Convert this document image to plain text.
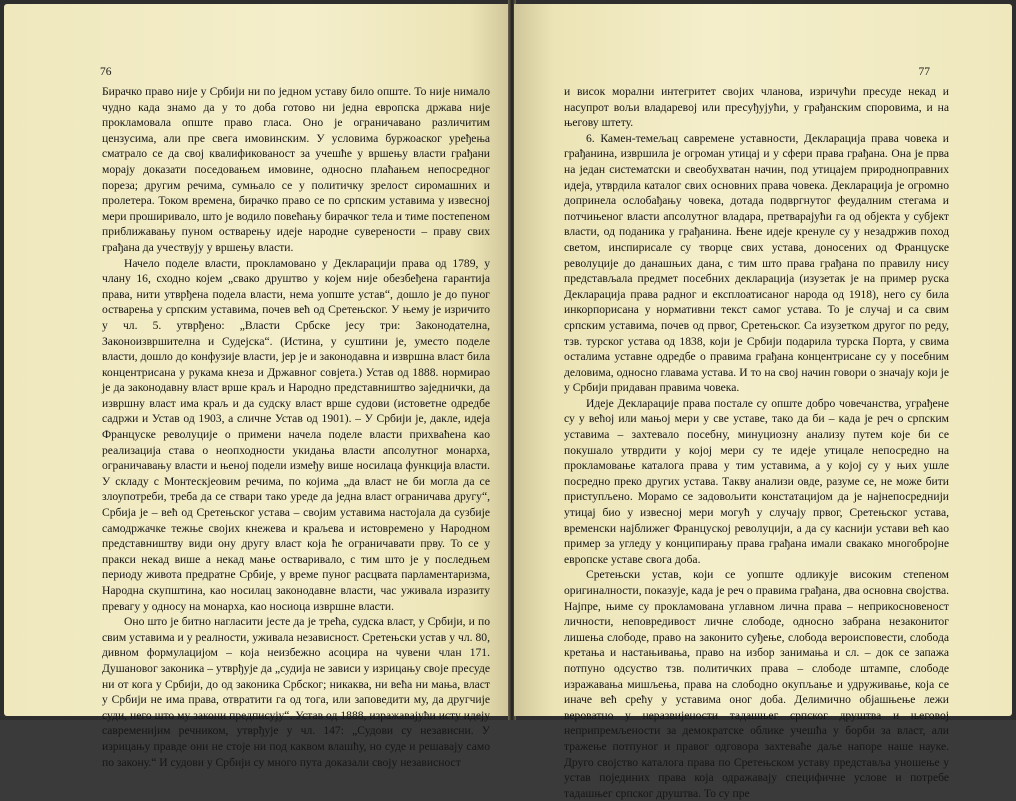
76

Бирачко право није у Србији ни по једном уставу било опште. То није нимало чудно када знамо да у то доба готово ни једна европска држава није прокламовала опште право гласа. Оно је ограничавано различитим цензусима, али пре свега имовинским. У условима буржоаског уређења сматрало се да свој квалификованост за учешће у вршењу власти грађани морају доказати поседовањем имовине, односно плаћањем непосредног пореза; другим речима, сумњало се у политичку зрелост сиромашних и пролетера. Током времена, бирачко право се по српским уставима у извесној мери проширивало, што је водило повећању бирачког тела и тиме постепеном приближавању пуном остварењу идеје народне суверености – праву свих грађана да учествују у вршењу власти.

Начело поделе власти, прокламовано у Декларацији права од 1789, у члану 16, сходно којем „свако друштво у којем није обезбеђена гарантија права, нити утврђена подела власти, нема уопште устав“, дошло је до пуног остварења у српским уставима, почев већ од Сретењског. У њему је изричито у чл. 5. утврђено: „Власти Србске јесу три: Законодателна, Законоизвршителна и Судејска“. (Истина, у суштини је, уместо поделе власти, дошло до конфузије власти, јер је и законодавна и извршна власт била концентрисана у рукама кнеза и Државног совјета.) Устав од 1888. нормирао је да законодавну власт врше краљ и Народно представништво заједнички, да извршну власт има краљ и да судску власт врше судови (истоветне одредбе садржи и Устав од 1903, а сличне Устав од 1901). – У Србији је, дакле, идеја Француске револуције о примени начела поделе власти прихваћена као реализација става о неопходности укидања власти апсолутног монарха, ограничавању власти и њеној подели између више носилаца функција власти. У складу с Монтескјеовим речима, по којима „да власт не би могла да се злоупотреби, треба да се ствари тако уреде да једна власт ограничава другу“, Србија је – већ од Сретењског устава – својим уставима настојала да сузбије самодржачке тежње својих кнежева и краљева и истовремено у Народном представништву види ону другу власт која ће ограничавати прву. То се у пракси некад више а некад мање остваривало, с тим што је у последњем периоду живота предратне Србије, у време пуног расцвата парламентаризма, Народна скупштина, као носилац законодавне власти, час уживала изразиту превагу у односу на монарха, као носиоца извршне власти.

Оно што је битно нагласити јесте да је трећа, судска власт, у Србији, и по свим уставима и у реалности, уживала независност. Сретењски устав у чл. 80, дивном формулацијом – која неизбежно асоцира на чувени члан 171. Душановог законика – утврђује да „судија не зависи у изрицању своје пресуде ни от кога у Србији, до од законика Србског; никаква, ни већа ни мања, власт у Србији не има права, отвратити га од тога, или заповедити му, да другчије суди, него што му закони предписују“. Устав од 1888, изражавајући исту идеју савременијим речником, утврђује у чл. 147: „Судови су независни. У изрицању правде они не стоје ни под каквом влашћу, но суде и решавају само по закону.“ И судови у Србији су много пута доказали своју независност

77

и висок морални интегритет својих чланова, изричући пресуде некад и насупрот вољи владаревој или пресуђујући, у грађанским споровима, и на његову штету.

6. Камен-темељац савремене уставности, Декларација права човека и грађанина, извршила је огроман утицај и у сфери права грађана. Она је прва на један систематски и свеобухватан начин, под утицајем природноправних идеја, утврдила каталог свих основних права човека. Декларација је огромно допринела ослобађању човека, дотада подвргнутог феудалним стегама и потчињеног власти апсолутног владара, претварајући га од објекта у субјект власти, од поданика у грађанина. Њене идеје кренуле су у незадржив поход светом, инспирисале су творце свих устава, доносених од Француске револуције до данашњих дана, с тим што права грађана по правилу нису представљала предмет посебних декларација (изузетак је на пример руска Декларација права радног и експлоатисаног народа од 1918), него су била инкорпорисана у нормативни текст самог устава. То је случај и са свим српским уставима, почев од првог, Сретењског. Са изузетком другог по реду, тзв. турског устава од 1838, који је Србији подарила турска Порта, у свима осталима уставне одредбе о правима грађана концентрисане су у посебним деловима, односно главама устава. И то на свој начин говори о значају који је у Србији придаван правима човека.

Идеје Декларације права постале су опште добро човечанства, уграђене су у већој или мањој мери у све уставе, тако да би – када је реч о српским уставима – захтевало посебну, минуциозну анализу путем које би се покушало утврдити у којој мери су те идеје утицале непосредно на прокламовање каталога права у тим уставима, а у којој су у њих ушле посредно преко других устава. Такву анализи овде, разуме се, не може бити приступљено. Морамо се задовољити констатацијом да је најнепосреднији утицај био у извесној мери могућ у случају првог, Сретењског устава, временски најближег Француској револуцији, а да су каснији устави већ као пример за угледу у конципирању права грађана имали свакако многобројне европске уставе свога доба.

Сретењски устав, који се уопште одликује високим степеном оригиналности, показује, када је реч о правима грађана, два основна својства. Најпре, њиме су прокламована углавном лична права – неприкосновеност личности, неповредивост личне слободе, односно забрана незаконитог лишења слободе, право на законито суђење, слобода вероисповести, слобода кретања и настањивања, право на избор занимања и сл. – док се запажа потпуно одсуство тзв. политичких права – слободе штампе, слободе изражавања мишљења, права на слободно окупљање и удруживање, која се иначе већ срећу у уставима оног доба. Делимично објашњење лежи вероватно у неразвијености тадашњег српског друштва и његовој неприпремљености за демократске облике учешћа у борби за власт, али тражење потпуног и правог одговора захтеваће даље напоре наше науке. Друго својство каталога права по Сретењском уставу представља уношење у устав појединих права која одражавају специфичне услове и потребе тадашњег српског друштва. То су пре
